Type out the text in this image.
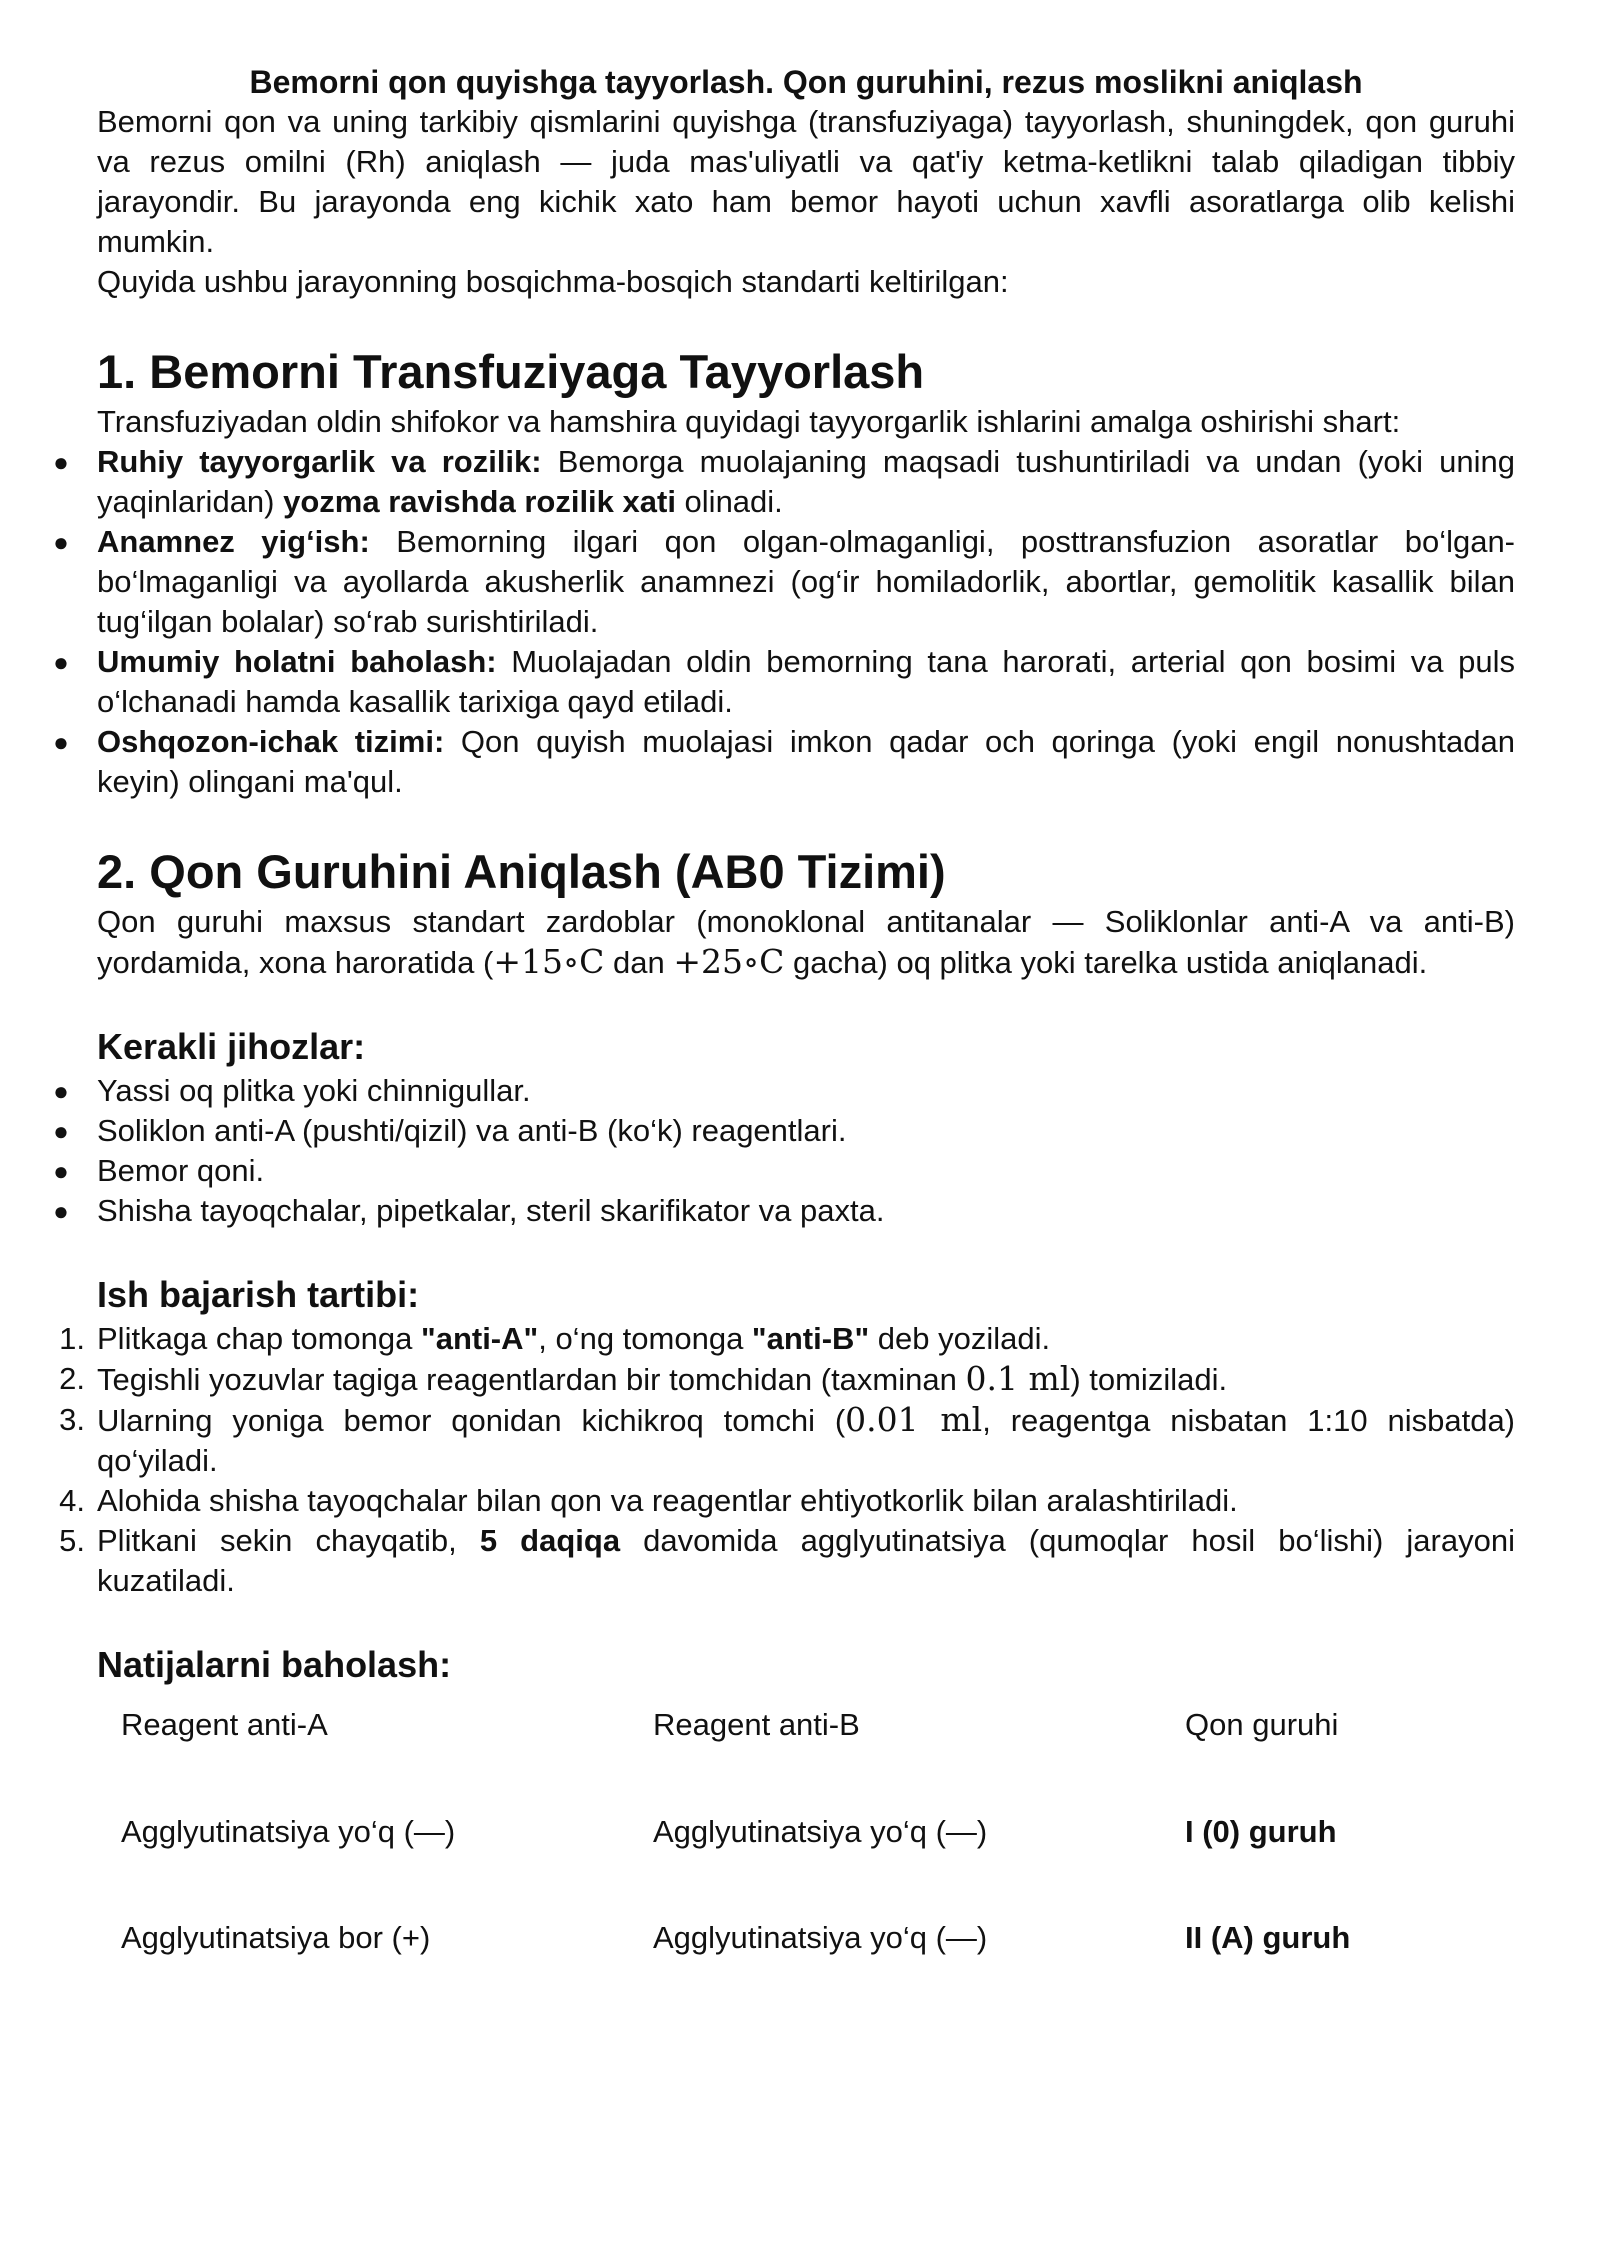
Bemorni qon quyishga tayyorlash. Qon guruhini, rezus moslikni aniqlash

Bemorni qon va uning tarkibiy qismlarini quyishga (transfuziyaga) tayyorlash, shuningdek, qon guruhi va rezus omilni (Rh) aniqlash — juda mas'uliyatli va qat'iy ketma-ketlikni talab qiladigan tibbiy jarayondir. Bu jarayonda eng kichik xato ham bemor hayoti uchun xavfli asoratlarga olib kelishi mumkin.

Quyida ushbu jarayonning bosqichma-bosqich standarti keltirilgan:

1. Bemorni Transfuziyaga Tayyorlash

Transfuziyadan oldin shifokor va hamshira quyidagi tayyorgarlik ishlarini amalga oshirishi shart:

● Ruhiy tayyorgarlik va rozilik: Bemorga muolajaning maqsadi tushuntiriladi va undan (yoki uning yaqinlaridan) yozma ravishda rozilik xati olinadi.
● Anamnez yig‘ish: Bemorning ilgari qon olgan-olmaganligi, posttransfuzion asoratlar bo‘lgan-bo‘lmaganligi va ayollarda akusherlik anamnezi (og‘ir homiladorlik, abortlar, gemolitik kasallik bilan tug‘ilgan bolalar) so‘rab surishtiriladi.
● Umumiy holatni baholash: Muolajadan oldin bemorning tana harorati, arterial qon bosimi va puls o‘lchanadi hamda kasallik tarixiga qayd etiladi.
● Oshqozon-ichak tizimi: Qon quyish muolajasi imkon qadar och qoringa (yoki engil nonushtadan keyin) olingani ma'qul.
2. Qon Guruhini Aniqlash (AB0 Tizimi)

Qon guruhi maxsus standart zardoblar (monoklonal antitanalar — Soliklonlar anti-A va anti-B) yordamida, xona haroratida (+15∘C dan +25∘C gacha) oq plitka yoki tarelka ustida aniqlanadi.

Kerakli jihozlar:
● Yassi oq plitka yoki chinnigullar.
● Soliklon anti-A (pushti/qizil) va anti-B (ko‘k) reagentlari.
● Bemor qoni.
● Shisha tayoqchalar, pipetkalar, steril skarifikator va paxta.
Ish bajarish tartibi:
1. Plitkaga chap tomonga "anti-A", o‘ng tomonga "anti-B" deb yoziladi.
2. Tegishli yozuvlar tagiga reagentlardan bir tomchidan (taxminan 0.1 ml) tomiziladi.
3. Ularning yoniga bemor qonidan kichikroq tomchi (0.01 ml, reagentga nisbatan 1:10 nisbatda) qo‘yiladi.
4. Alohida shisha tayoqchalar bilan qon va reagentlar ehtiyotkorlik bilan aralashtiriladi.
5. Plitkani sekin chayqatib, 5 daqiqa davomida agglyutinatsiya (qumoqlar hosil bo‘lishi) jarayoni kuzatiladi.
Natijalarni baholash:
Reagent anti-A	Reagent anti-B	Qon guruhi
Agglyutinatsiya yo‘q (—)	Agglyutinatsiya yo‘q (—)	I (0) guruh
Agglyutinatsiya bor (+)	Agglyutinatsiya yo‘q (—)	II (A) guruh
